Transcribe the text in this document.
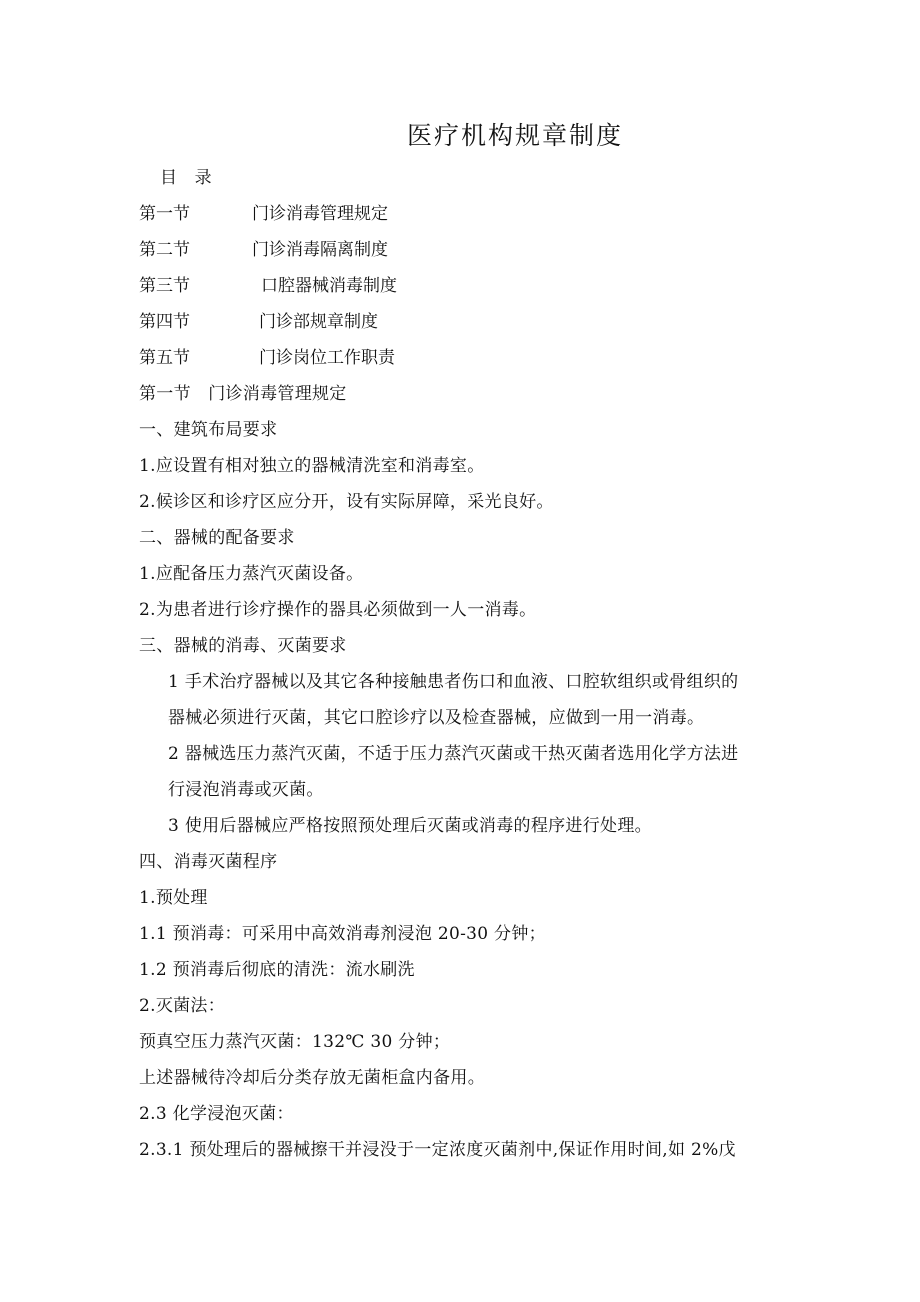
医疗机构规章制度
目　录
第一节	门诊消毒管理规定
第二节	门诊消毒隔离制度
第三节	口腔器械消毒制度
第四节	门诊部规章制度
第五节	门诊岗位工作职责
第一节　门诊消毒管理规定
一、建筑布局要求
1.应设置有相对独立的器械清洗室和消毒室。
2.候诊区和诊疗区应分开，设有实际屏障，采光良好。
二、器械的配备要求
1.应配备压力蒸汽灭菌设备。
2.为患者进行诊疗操作的器具必须做到一人一消毒。
三、器械的消毒、灭菌要求
1 手术治疗器械以及其它各种接触患者伤口和血液、口腔软组织或骨组织的
器械必须进行灭菌，其它口腔诊疗以及检查器械，应做到一用一消毒。
2 器械选压力蒸汽灭菌，不适于压力蒸汽灭菌或干热灭菌者选用化学方法进
行浸泡消毒或灭菌。
3 使用后器械应严格按照预处理后灭菌或消毒的程序进行处理。
四、消毒灭菌程序
1.预处理
1.1 预消毒：可采用中高效消毒剂浸泡 20-30 分钟；
1.2 预消毒后彻底的清洗：流水刷洗
2.灭菌法：
预真空压力蒸汽灭菌：132℃ 30 分钟；
上述器械待冷却后分类存放无菌柜盒内备用。
2.3 化学浸泡灭菌：
2.3.1 预处理后的器械擦干并浸没于一定浓度灭菌剂中,保证作用时间,如 2%戊
